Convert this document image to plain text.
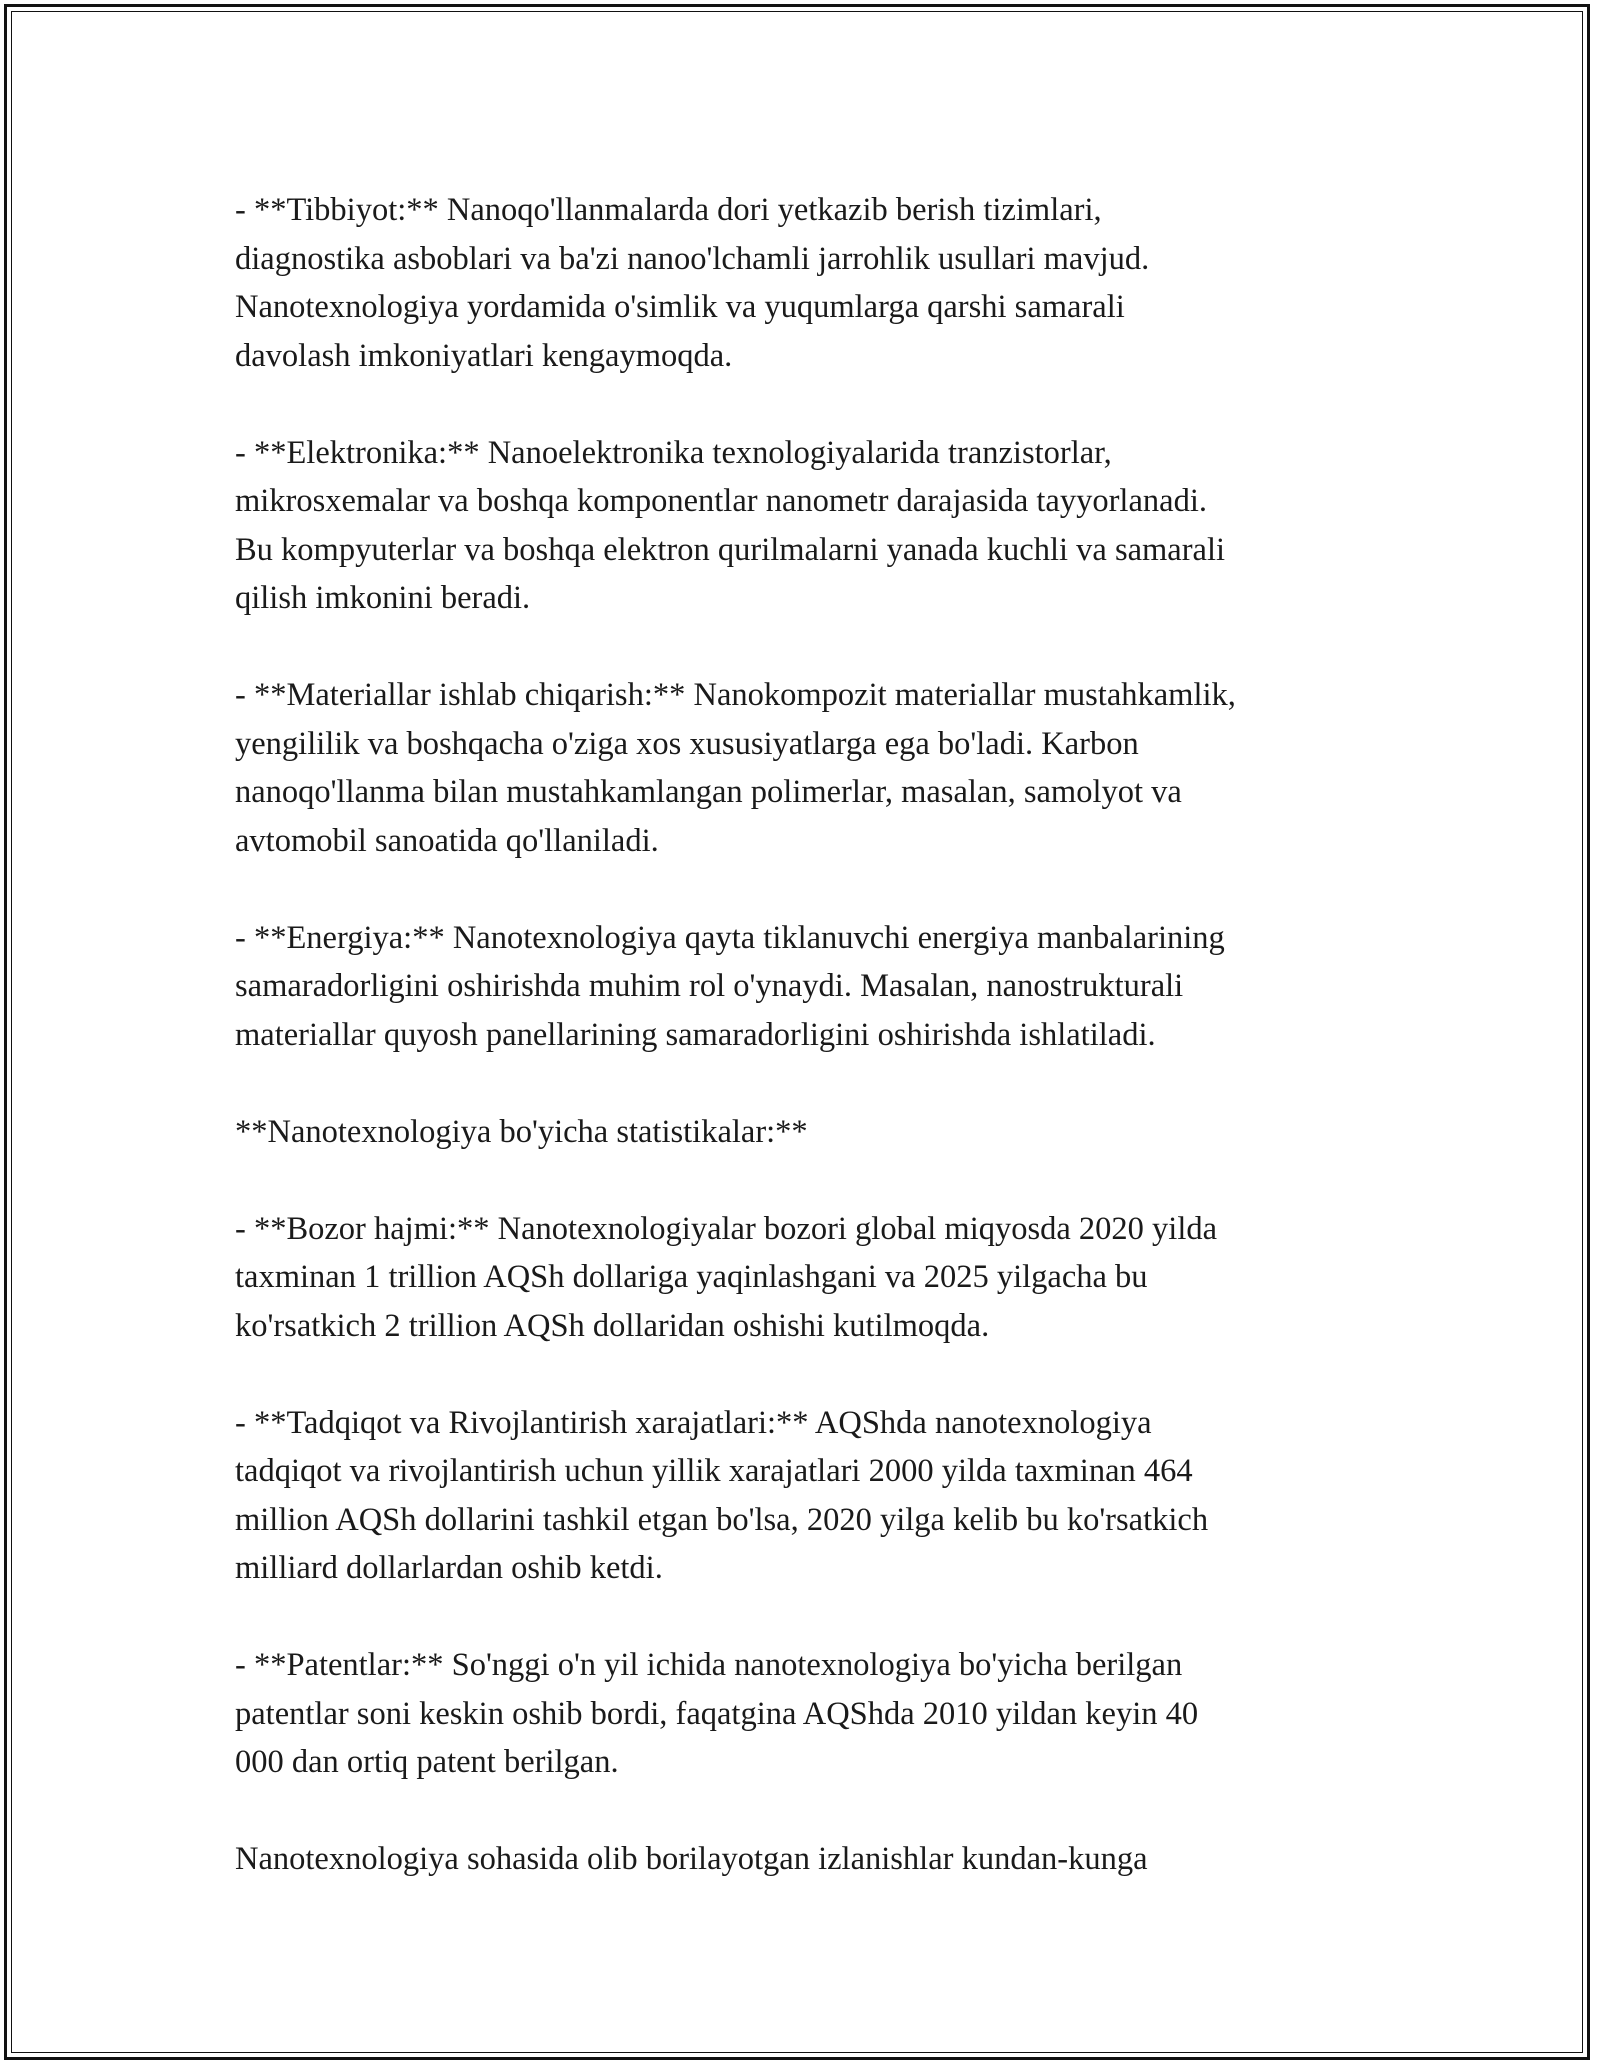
- **Tibbiyot:** Nanoqo'llanmalarda dori yetkazib berish tizimlari,
diagnostika asboblari va ba'zi nanoo'lchamli jarrohlik usullari mavjud.
Nanotexnologiya yordamida o'simlik va yuqumlarga qarshi samarali
davolash imkoniyatlari kengaymoqda.

- **Elektronika:** Nanoelektronika texnologiyalarida tranzistorlar,
mikrosxemalar va boshqa komponentlar nanometr darajasida tayyorlanadi.
Bu kompyuterlar va boshqa elektron qurilmalarni yanada kuchli va samarali
qilish imkonini beradi.

- **Materiallar ishlab chiqarish:** Nanokompozit materiallar mustahkamlik,
yengililik va boshqacha o'ziga xos xususiyatlarga ega bo'ladi. Karbon
nanoqo'llanma bilan mustahkamlangan polimerlar, masalan, samolyot va
avtomobil sanoatida qo'llaniladi.

- **Energiya:** Nanotexnologiya qayta tiklanuvchi energiya manbalarining
samaradorligini oshirishda muhim rol o'ynaydi. Masalan, nanostrukturali
materiallar quyosh panellarining samaradorligini oshirishda ishlatiladi.

**Nanotexnologiya bo'yicha statistikalar:**

- **Bozor hajmi:** Nanotexnologiyalar bozori global miqyosda 2020 yilda
taxminan 1 trillion AQSh dollariga yaqinlashgani va 2025 yilgacha bu
ko'rsatkich 2 trillion AQSh dollaridan oshishi kutilmoqda.

- **Tadqiqot va Rivojlantirish xarajatlari:** AQShda nanotexnologiya
tadqiqot va rivojlantirish uchun yillik xarajatlari 2000 yilda taxminan 464
million AQSh dollarini tashkil etgan bo'lsa, 2020 yilga kelib bu ko'rsatkich
milliard dollarlardan oshib ketdi.

- **Patentlar:** So'nggi o'n yil ichida nanotexnologiya bo'yicha berilgan
patentlar soni keskin oshib bordi, faqatgina AQShda 2010 yildan keyin 40
000 dan ortiq patent berilgan.

Nanotexnologiya sohasida olib borilayotgan izlanishlar kundan-kunga
